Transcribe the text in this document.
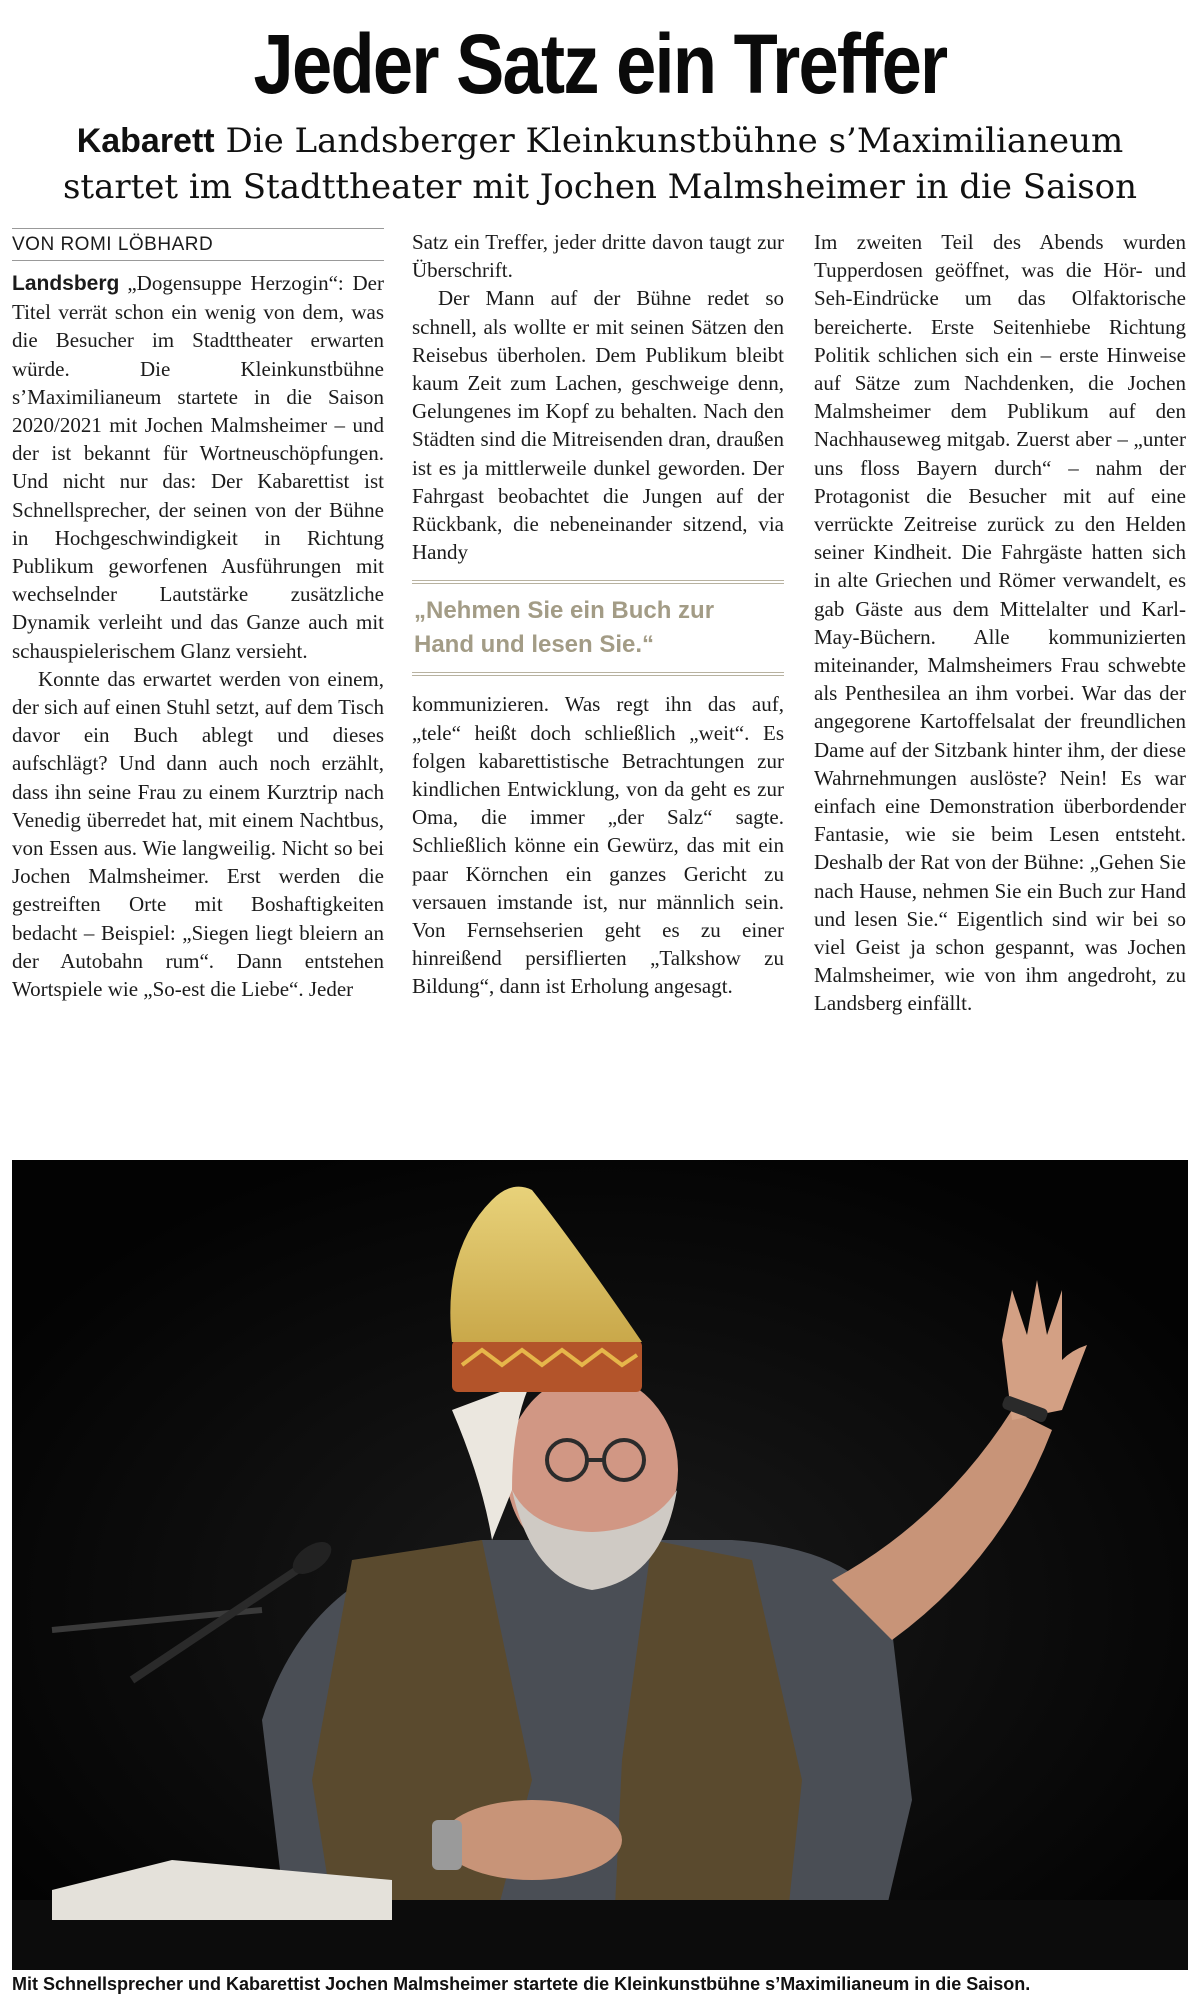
Jeder Satz ein Treffer
Kabarett Die Landsberger Kleinkunstbühne s’Maximilianeum startet im Stadttheater mit Jochen Malmsheimer in die Saison
VON ROMI LÖBHARD

Landsberg „Dogensuppe Herzogin“: Der Titel verrät schon ein wenig von dem, was die Besucher im Stadttheater erwarten würde. Die Kleinkunstbühne s’Maximilianeum startete in die Saison 2020/2021 mit Jochen Malmsheimer – und der ist bekannt für Wortneuschöpfungen. Und nicht nur das: Der Kabarettist ist Schnellsprecher, der seinen von der Bühne in Hochgeschwindigkeit in Richtung Publikum geworfenen Ausführungen mit wechselnder Lautstärke zusätzliche Dynamik verleiht und das Ganze auch mit schauspielerischem Glanz versieht.

Konnte das erwartet werden von einem, der sich auf einen Stuhl setzt, auf dem Tisch davor ein Buch ablegt und dieses aufschlägt? Und dann auch noch erzählt, dass ihn seine Frau zu einem Kurztrip nach Venedig überredet hat, mit einem Nachtbus, von Essen aus. Wie langweilig. Nicht so bei Jochen Malmsheimer. Erst werden die gestreiften Orte mit Boshaftigkeiten bedacht – Beispiel: „Siegen liegt bleiern an der Autobahn rum“. Dann entstehen Wortspiele wie „So-est die Liebe“. Jeder

Satz ein Treffer, jeder dritte davon taugt zur Überschrift.

Der Mann auf der Bühne redet so schnell, als wollte er mit seinen Sätzen den Reisebus überholen. Dem Publikum bleibt kaum Zeit zum Lachen, geschweige denn, Gelungenes im Kopf zu behalten. Nach den Städten sind die Mitreisenden dran, draußen ist es ja mittlerweile dunkel geworden. Der Fahrgast beobachtet die Jungen auf der Rückbank, die nebeneinander sitzend, via Handy

„Nehmen Sie ein Buch zur Hand und lesen Sie.“

kommunizieren. Was regt ihn das auf, „tele“ heißt doch schließlich „weit“. Es folgen kabarettistische Betrachtungen zur kindlichen Entwicklung, von da geht es zur Oma, die immer „der Salz“ sagte. Schließlich könne ein Gewürz, das mit ein paar Körnchen ein ganzes Gericht zu versauen imstande ist, nur männlich sein. Von Fernsehserien geht es zu einer hinreißend persiflierten „Talkshow zu Bildung“, dann ist Erholung angesagt.

Im zweiten Teil des Abends wurden Tupperdosen geöffnet, was die Hör- und Seh-Eindrücke um das Olfaktorische bereicherte. Erste Seitenhiebe Richtung Politik schlichen sich ein – erste Hinweise auf Sätze zum Nachdenken, die Jochen Malmsheimer dem Publikum auf den Nachhauseweg mitgab. Zuerst aber – „unter uns floss Bayern durch“ – nahm der Protagonist die Besucher mit auf eine verrückte Zeitreise zurück zu den Helden seiner Kindheit. Die Fahrgäste hatten sich in alte Griechen und Römer verwandelt, es gab Gäste aus dem Mittelalter und Karl-May-Büchern. Alle kommunizierten miteinander, Malmsheimers Frau schwebte als Penthesilea an ihm vorbei. War das der angegorene Kartoffelsalat der freundlichen Dame auf der Sitzbank hinter ihm, der diese Wahrnehmungen auslöste? Nein! Es war einfach eine Demonstration überbordender Fantasie, wie sie beim Lesen entsteht. Deshalb der Rat von der Bühne: „Gehen Sie nach Hause, nehmen Sie ein Buch zur Hand und lesen Sie.“ Eigentlich sind wir bei so viel Geist ja schon gespannt, was Jochen Malmsheimer, wie von ihm angedroht, zu Landsberg einfällt.

Mit Schnellsprecher und Kabarettist Jochen Malmsheimer startete die Kleinkunstbühne s’Maximilianeum in die Saison.
